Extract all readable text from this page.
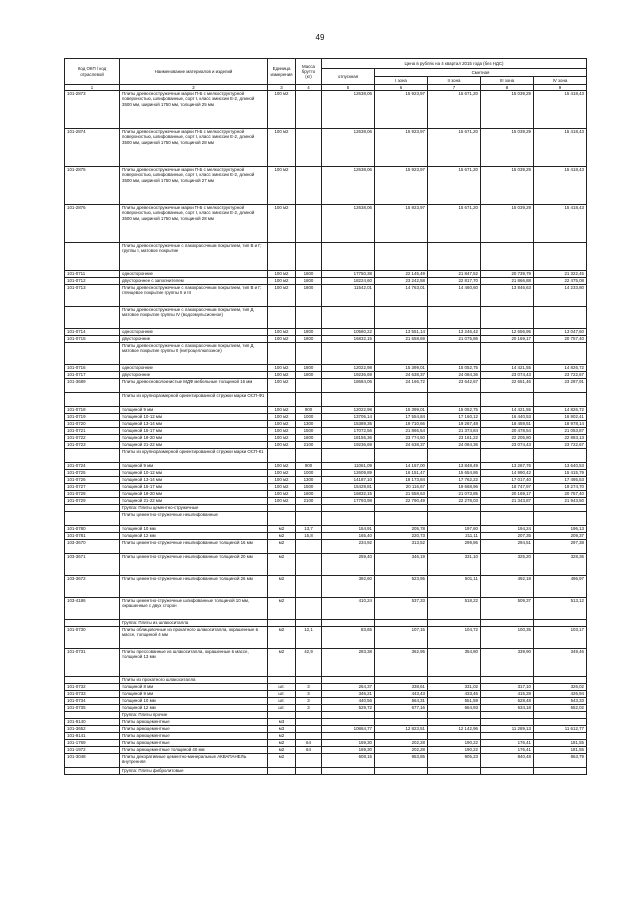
49
Код ОКП / код отраслевой	Наименование материалов и изделий	Единица измерения	Масса брутто (кг)	Цена в рублях на 4 квартал 2015 года (без НДС)				
				отпускная	Сметная			
					I зона	II зона	III зона	IV зона
1	2	3	4	5	6	7	8	9
101-2873	Плиты древесностружечные марки П-Б с мелкоструктурной поверхностью, шлифованные, сорт I, класс эмиссии Е-2, длиной 3500 мм, шириной 1750 мм, толщиной 25 мм	100 м2		12638,06	15 923,97	15 671,20	15 039,29	15 418,43
101-2874	Плиты древесностружечные марки П-Б с мелкоструктурной поверхностью, шлифованные, сорт I, класс эмиссии Е-2, длиной 3500 мм, шириной 1750 мм, толщиной 28 мм	100 м2		12638,06	15 923,97	15 671,20	15 039,29	15 418,43
101-2875	Плиты древесностружечные марки П-Б с мелкоструктурной поверхностью, шлифованные, сорт I, класс эмиссии Е-2, длиной 3500 мм, шириной 1750 мм, толщиной 27 мм	100 м2		12638,06	15 923,97	15 671,20	15 039,29	15 418,43
101-2876	Плиты древесностружечные марки П-Б с мелкоструктурной поверхностью, шлифованные, сорт I, класс эмиссии Е-2, длиной 3500 мм, шириной 1750 мм, толщиной 28 мм	100 м2		12638,06	15 923,97	15 671,20	15 039,29	15 418,43
	Плиты древесностружечные с лакокрасочным покрытием, тип В и Г, группы I, матовое покрытие							
101-0711	односторонние	100 м2	1800	17750,38	22 145,49	21 847,52	20 739,79	21 322,45
101-0712	двустороннее с заполнителем	100 м2	1800	18224,60	23 242,58	22 817,70	21 866,88	22 475,08
101-0713	Плиты древесностружечные с лакокрасочным покрытием, тип В и Г, глянцевое покрытие группы II и III	100 м2	1800	11542,01	14 763,01	14 460,60	13 846,63	14 233,80
	Плиты древесностружечные с лакокрасочным покрытием, тип Д матовое покрытие группы IV (водоэмульсионное)							
101-0714	односторонние	100 м2	1800	10580,22	13 551,14	13 246,42	12 656,95	13 047,60
101-0715	двусторонние	100 м2	1800	16832,15	21 558,69	21 075,86	20 169,17	20 757,40
	Плиты древесностружечные с лакокрасочным покрытием, тип Д матовое покрытие группы II (нитроцеллюлозное)							
101-0716	односторонние	100 м2	1800	12022,98	15 399,01	15 052,75	14 421,55	14 826,72
101-0717	двусторонние	100 м2	1800	19236,69	24 638,37	24 084,36	23 074,43	23 722,67
101-3689	Плиты древесноволокнистые МДФ мебельные толщиной 16 мм	100 м2		18684,06	24 166,72	23 642,67	22 651,46	23 287,91
	Плиты из крупноразмерной ориентированной стружки марки ОСП-Ф1							
101-0718	толщиной 9 мм	100 м2	900	12022,98	15 399,01	15 052,75	14 421,55	14 826,72
101-0719	толщиной 10-12 мм	100 м2	1000	13706,14	17 554,84	17 160,12	16 440,53	16 902,41
101-0720	толщиной 13-14 мм	100 м2	1300	15389,35	19 710,66	19 267,48	18 459,51	18 978,14
101-0721	толщиной 15-17 мм	100 м2	1500	17072,56	21 866,54	21 374,84	20 478,54	21 053,87
101-0722	толщиной 18-20 мм	100 м2	1800	18155,36	23 774,50	23 161,22	22 205,80	22 883,13
101-0723	толщиной 21-22 мм	100 м2	2100	19236,69	24 638,37	24 084,36	23 074,43	23 722,67
	Плиты из крупноразмерной ориентированной стружки марки ОСП-К1							
101-0724	толщиной 9 мм	100 м2	900	11061,09	14 167,00	13 848,49	13 267,76	13 640,53
101-0725	толщиной 10-12 мм	100 м2	1000	12609,89	16 151,47	15 654,86	14 990,42	15 415,79
101-0726	толщиной 13-14 мм	100 м2	1300	14187,10	18 173,84	17 762,22	17 017,40	17 495,53
101-0727	толщиной 15-17 мм	100 м2	1500	15429,81	20 116,67	19 668,96	18 747,97	19 274,70
101-0728	толщиной 18-20 мм	100 м2	1800	16832,15	21 558,63	21 073,85	20 169,17	20 757,40
101-0729	толщиной 21-22 мм	100 м2	2100	17793,98	22 790,49	22 278,03	21 343,87	21 943,50
	Группа: Плиты цементно-стружечные							
	Плиты цементно-стружечные нешлифованные							
101-0780	толщиной 10 мм	м2	13,7	154,91	205,78	197,60	194,24	196,13
101-0781	толщиной 12 мм	м2	15,8	165,40	220,73	211,11	207,35	209,37
103-3670	Плиты цементно-стружечные нешлифованные толщиной 16 мм	м2		234,92	313,52	299,86	294,51	297,38
103-3671	Плиты цементно-стружечные нешлифованные толщиной 20 мм	м2		259,40	346,19	331,10	325,20	328,36
103-3672	Плиты цементно-стружечные нешлифованные толщиной 26 мм	м2		392,60	523,95	501,11	492,18	496,97
103-4186	Плиты цементно-стружечные шлифованные толщиной 10 мм, окрашенные с двух сторон	м2		410,24	537,33	518,22	509,37	513,12
	Группа: Плиты из шлакоситалла							
101-0730	Плиты облицовочные из прокатного шлакоситалла, окрашенные в массе, толщиной 4 мм	м2	12,1	83,65	107,15	104,72	100,35	103,17
101-0731	Плиты прессованные из шлакоситалла, окрашенные в массе, толщиной 13 мм	м2	42,9	283,38	362,95	354,80	339,90	349,46
	Плиты из прокатного шлакоситалла							
101-0732	толщиной 8 мм	шт.	3	264,37	338,61	331,02	317,10	326,02
101-0733	толщиной 9 мм	шт.	3	346,21	443,43	433,46	415,28	426,94
101-0734	толщиной 10 мм	шт.	3	440,56	564,31	551,59	528,48	543,33
101-0735	толщиной 12 мм	шт.	3	529,72	677,16	664,93	634,18	652,02
	Группа: Плиты прочие							
101-9140	Плиты армоцементные	м3						
101-3652	Плиты армоцементные	м3		10864,77	12 823,51	12 142,96	11 289,13	11 612,77
101-9141	Плиты армоцементные	м2						
101-1769	Плиты армоцементные	м2	64	169,30	202,28	190,22	176,41	181,55
101-1972	Плиты армоцементные толщиной 40 мм	м2	64	169,30	202,28	190,22	176,41	181,55
101-3048	Плиты декоративные цементно-минеральные АКВАПАНЕЛЬ внутренняя	м2		608,15	953,85	905,23	840,48	863,79
	Группа: Плиты фибролитовые							
